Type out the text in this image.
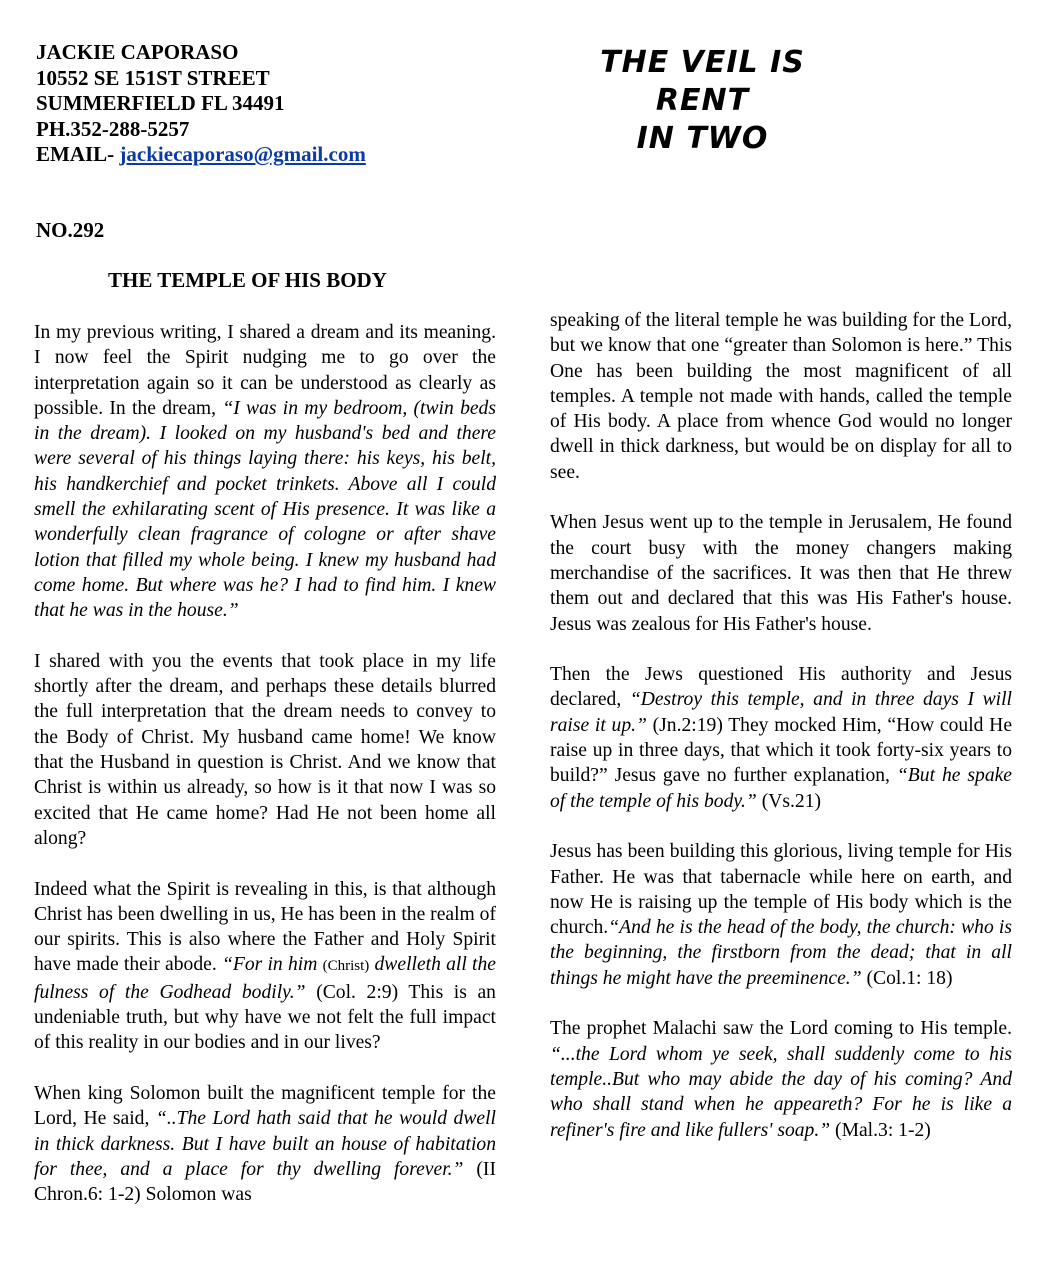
JACKIE CAPORASO
10552 SE 151ST STREET
SUMMERFIELD FL 34491
PH.352-288-5257
EMAIL- jackiecaporaso@gmail.com
THE VEIL IS
RENT
IN TWO
NO.292
THE TEMPLE OF HIS BODY

In my previous writing, I shared a dream and its meaning. I now feel the Spirit nudging me to go over the interpretation again so it can be understood as clearly as possible. In the dream, “I was in my bedroom, (twin beds in the dream). I looked on my husband's bed and there were several of his things laying there: his keys, his belt, his handkerchief and pocket trinkets. Above all I could smell the exhilarating scent of His presence. It was like a wonderfully clean fragrance of cologne or after shave lotion that filled my whole being. I knew my husband had come home. But where was he? I had to find him. I knew that he was in the house.”

I shared with you the events that took place in my life shortly after the dream, and perhaps these details blurred the full interpretation that the dream needs to convey to the Body of Christ. My husband came home! We know that the Husband in question is Christ. And we know that Christ is within us already, so how is it that now I was so excited that He came home? Had He not been home all along?

Indeed what the Spirit is revealing in this, is that although Christ has been dwelling in us, He has been in the realm of our spirits. This is also where the Father and Holy Spirit have made their abode. “For in him (Christ) dwelleth all the fulness of the Godhead bodily.” (Col. 2:9) This is an undeniable truth, but why have we not felt the full impact of this reality in our bodies and in our lives?

When king Solomon built the magnificent temple for the Lord, He said, “..The Lord hath said that he would dwell in thick darkness. But I have built an house of habitation for thee, and a place for thy dwelling forever.” (II Chron.6: 1-2) Solomon was

speaking of the literal temple he was building for the Lord, but we know that one “greater than Solomon is here.” This One has been building the most magnificent of all temples. A temple not made with hands, called the temple of His body. A place from whence God would no longer dwell in thick darkness, but would be on display for all to see.

When Jesus went up to the temple in Jerusalem, He found the court busy with the money changers making merchandise of the sacrifices. It was then that He threw them out and declared that this was His Father's house. Jesus was zealous for His Father's house.

Then the Jews questioned His authority and Jesus declared, “Destroy this temple, and in three days I will raise it up.” (Jn.2:19) They mocked Him, “How could He raise up in three days, that which it took forty-six years to build?” Jesus gave no further explanation, “But he spake of the temple of his body.” (Vs.21)

Jesus has been building this glorious, living temple for His Father. He was that tabernacle while here on earth, and now He is raising up the temple of His body which is the church.“And he is the head of the body, the church: who is the beginning, the firstborn from the dead; that in all things he might have the preeminence.” (Col.1: 18)

The prophet Malachi saw the Lord coming to His temple. “...the Lord whom ye seek, shall suddenly come to his temple..But who may abide the day of his coming? And who shall stand when he appeareth? For he is like a refiner's fire and like fullers' soap.” (Mal.3: 1-2)
